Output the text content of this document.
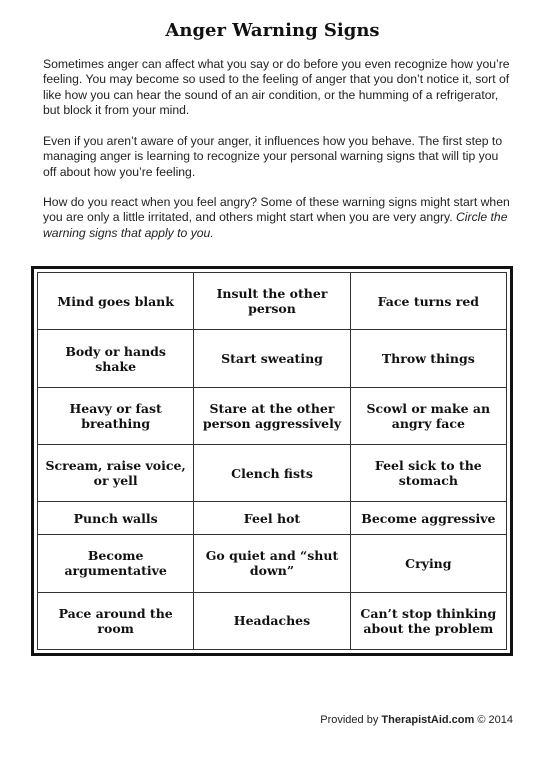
Anger Warning Signs

Sometimes anger can affect what you say or do before you even recognize how you’re feeling. You may become so used to the feeling of anger that you don’t notice it, sort of like how you can hear the sound of an air condition, or the humming of a refrigerator, but block it from your mind.

Even if you aren’t aware of your anger, it influences how you behave. The first step to managing anger is learning to recognize your personal warning signs that will tip you off about how you’re feeling.

How do you react when you feel angry? Some of these warning signs might start when you are only a little irritated, and others might start when you are very angry. Circle the warning signs that apply to you.

Mind goes blank	Insult the other person	Face turns red
Body or hands shake	Start sweating	Throw things
Heavy or fast breathing	Stare at the other person aggressively	Scowl or make an angry face
Scream, raise voice, or yell	Clench fists	Feel sick to the stomach
Punch walls	Feel hot	Become aggressive
Become argumentative	Go quiet and “shut down”	Crying
Pace around the room	Headaches	Can’t stop thinking about the problem
Provided by TherapistAid.com © 2014
